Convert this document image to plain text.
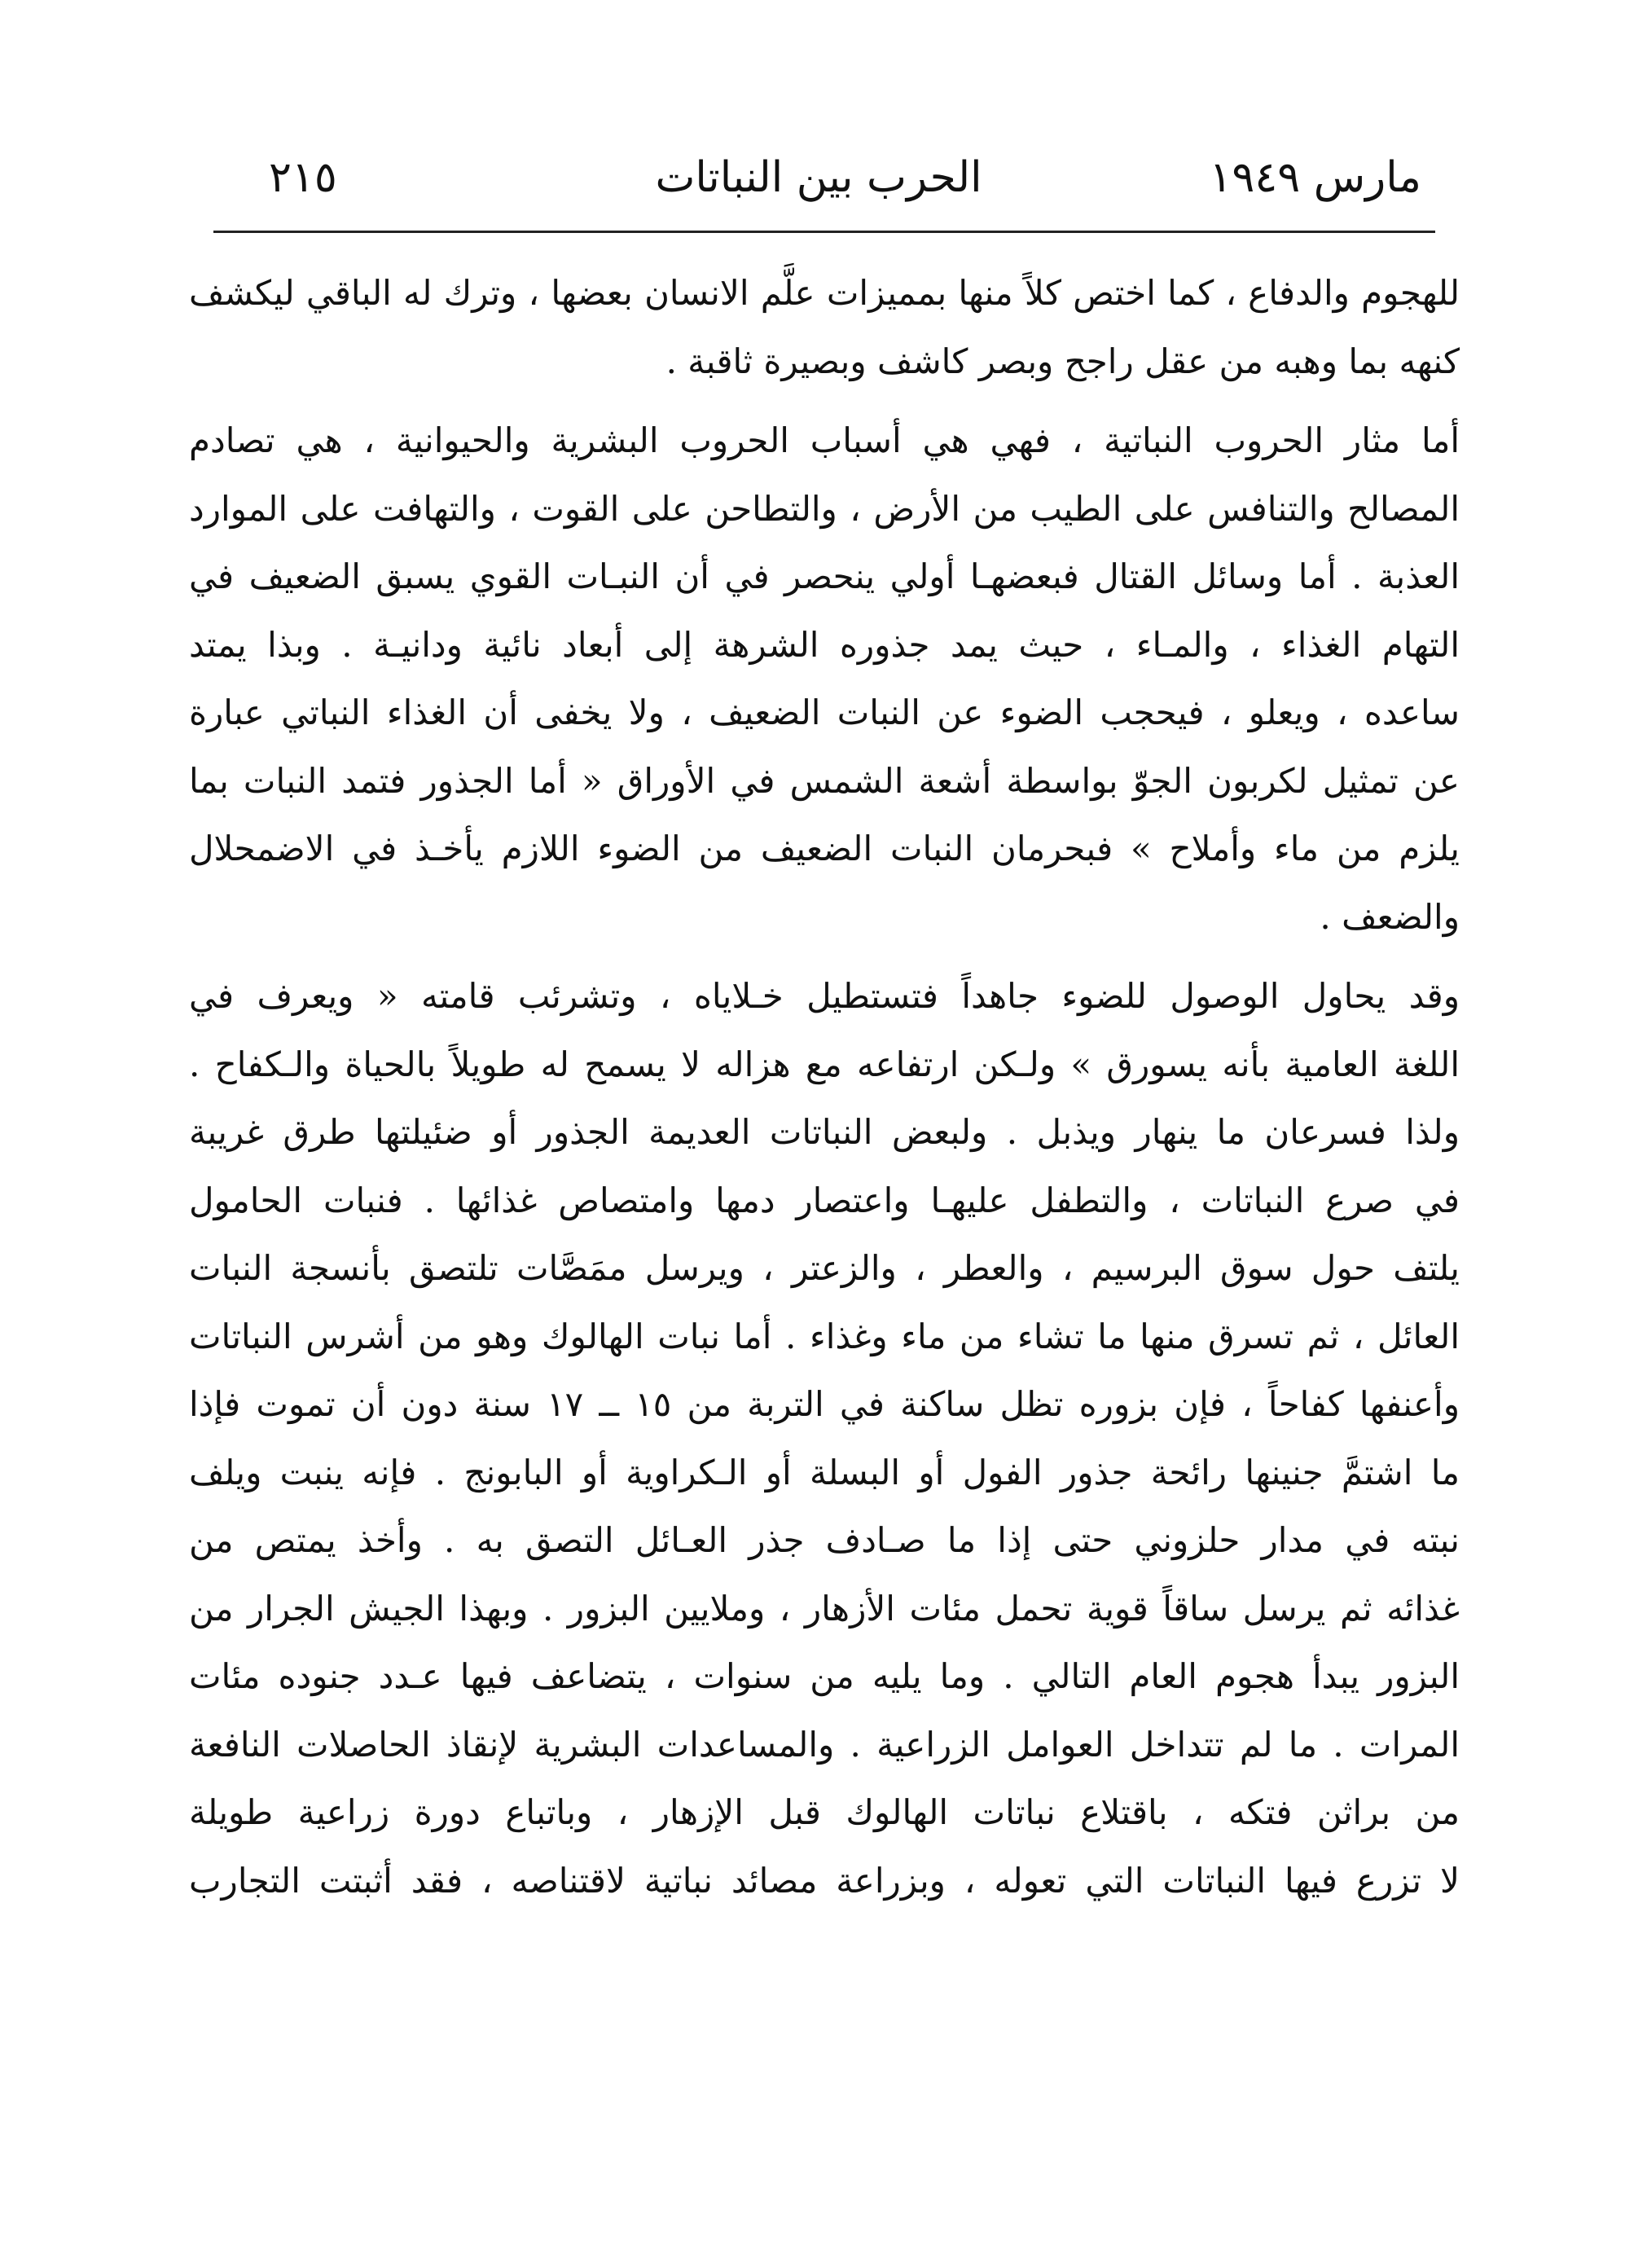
مارس ١٩٤٩
الحرب بين النباتات
٢١٥
للهجوم والدفاع ، كما اختص كلاً منها بمميزات علَّم الانسان بعضها ، وترك له الباقي ليكشف
كنهه بما وهبه من عقل راجح وبصر كاشف وبصيرة ثاقبة .
أما مثار الحروب النباتية ، فهي هي أسباب الحروب البشرية والحيوانية ، هي تصادم
المصالح والتنافس على الطيب من الأرض ، والتطاحن على القوت ، والتهافت على الموارد
العذبة . أما وسائل القتال فبعضهـا أولي ينحصر في أن النبـات القوي يسبق الضعيف في
التهام الغذاء ، والمـاء ، حيث يمد جذوره الشرهة إلى أبعاد نائية ودانيـة . وبذا يمتد
ساعده ، ويعلو ، فيحجب الضوء عن النبات الضعيف ، ولا يخفى أن الغذاء النباتي عبارة
عن تمثيل لكربون الجوّ بواسطة أشعة الشمس في الأوراق « أما الجذور فتمد النبات بما
يلزم من ماء وأملاح » فبحرمان النبات الضعيف من الضوء اللازم يأخـذ في الاضمحلال
والضعف .
وقد يحاول الوصول للضوء جاهداً فتستطيل خـلاياه ، وتشرئب قامته « ويعرف في
اللغة العامية بأنه يسورق » ولـكن ارتفاعه مع هزاله لا يسمح له طويلاً بالحياة والـكفاح .
ولذا فسرعان ما ينهار ويذبل . ولبعض النباتات العديمة الجذور أو ضئيلتها طرق غريبة
في صرع النباتات ، والتطفل عليهـا واعتصار دمها وامتصاص غذائها . فنبات الحامول
يلتف حول سوق البرسيم ، والعطر ، والزعتر ، ويرسل ممَصَّات تلتصق بأنسجة النبات
العائل ، ثم تسرق منها ما تشاء من ماء وغذاء . أما نبات الهالوك وهو من أشرس النباتات
وأعنفها كفاحاً ، فإن بزوره تظل ساكنة في التربة من ١٥ ــ ١٧ سنة دون أن تموت فإذا
ما اشتمَّ جنينها رائحة جذور الفول أو البسلة أو الـكراوية أو البابونج . فإنه ينبت ويلف
نبته في مدار حلزوني حتى إذا ما صـادف جذر العـائل التصق به . وأخذ يمتص من
غذائه ثم يرسل ساقاً قوية تحمل مئات الأزهار ، وملايين البزور . وبهذا الجيش الجرار من
البزور يبدأ هجوم العام التالي . وما يليه من سنوات ، يتضاعف فيها عـدد جنوده مئات
المرات . ما لم تتداخل العوامل الزراعية . والمساعدات البشرية لإنقاذ الحاصلات النافعة
من براثن فتكه ، باقتلاع نباتات الهالوك قبل الإزهار ، وباتباع دورة زراعية طويلة
لا تزرع فيها النباتات التي تعوله ، وبزراعة مصائد نباتية لاقتناصه ، فقد أثبتت التجارب
